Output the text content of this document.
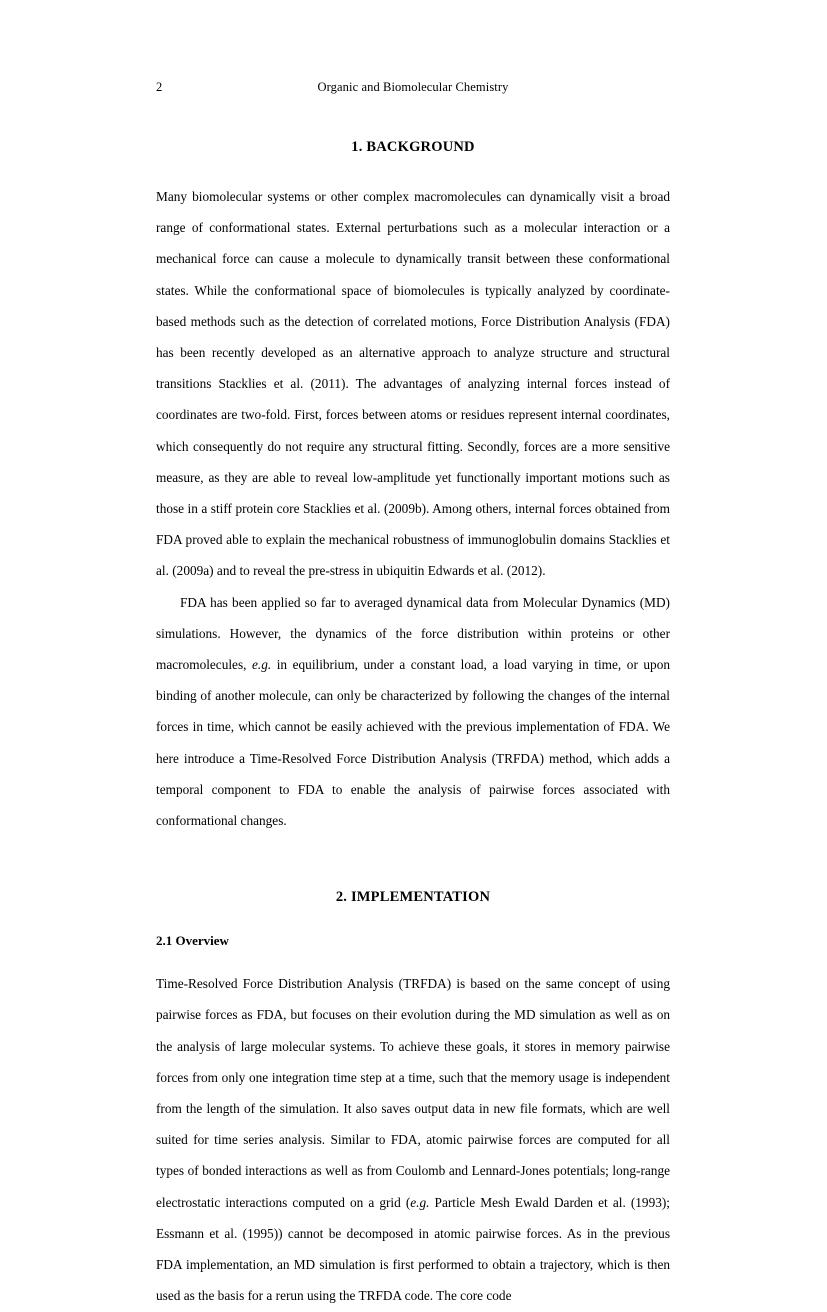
2	Organic and Biomolecular Chemistry
1. BACKGROUND

Many biomolecular systems or other complex macromolecules can dynamically visit a broad range of conformational states. External perturbations such as a molecular interaction or a mechanical force can cause a molecule to dynamically transit between these conformational states. While the conformational space of biomolecules is typically analyzed by coordinate-based methods such as the detection of correlated motions, Force Distribution Analysis (FDA) has been recently developed as an alternative approach to analyze structure and structural transitions Stacklies et al. (2011). The advantages of analyzing internal forces instead of coordinates are two-fold. First, forces between atoms or residues represent internal coordinates, which consequently do not require any structural fitting. Secondly, forces are a more sensitive measure, as they are able to reveal low-amplitude yet functionally important motions such as those in a stiff protein core Stacklies et al. (2009b). Among others, internal forces obtained from FDA proved able to explain the mechanical robustness of immunoglobulin domains Stacklies et al. (2009a) and to reveal the pre-stress in ubiquitin Edwards et al. (2012).

FDA has been applied so far to averaged dynamical data from Molecular Dynamics (MD) simulations. However, the dynamics of the force distribution within proteins or other macromolecules, e.g. in equilibrium, under a constant load, a load varying in time, or upon binding of another molecule, can only be characterized by following the changes of the internal forces in time, which cannot be easily achieved with the previous implementation of FDA. We here introduce a Time-Resolved Force Distribution Analysis (TRFDA) method, which adds a temporal component to FDA to enable the analysis of pairwise forces associated with conformational changes.

2. IMPLEMENTATION
2.1 Overview

Time-Resolved Force Distribution Analysis (TRFDA) is based on the same concept of using pairwise forces as FDA, but focuses on their evolution during the MD simulation as well as on the analysis of large molecular systems. To achieve these goals, it stores in memory pairwise forces from only one integration time step at a time, such that the memory usage is independent from the length of the simulation. It also saves output data in new file formats, which are well suited for time series analysis. Similar to FDA, atomic pairwise forces are computed for all types of bonded interactions as well as from Coulomb and Lennard-Jones potentials; long-range electrostatic interactions computed on a grid (e.g. Particle Mesh Ewald Darden et al. (1993); Essmann et al. (1995)) cannot be decomposed in atomic pairwise forces. As in the previous FDA implementation, an MD simulation is first performed to obtain a trajectory, which is then used as the basis for a rerun using the TRFDA code. The core code
